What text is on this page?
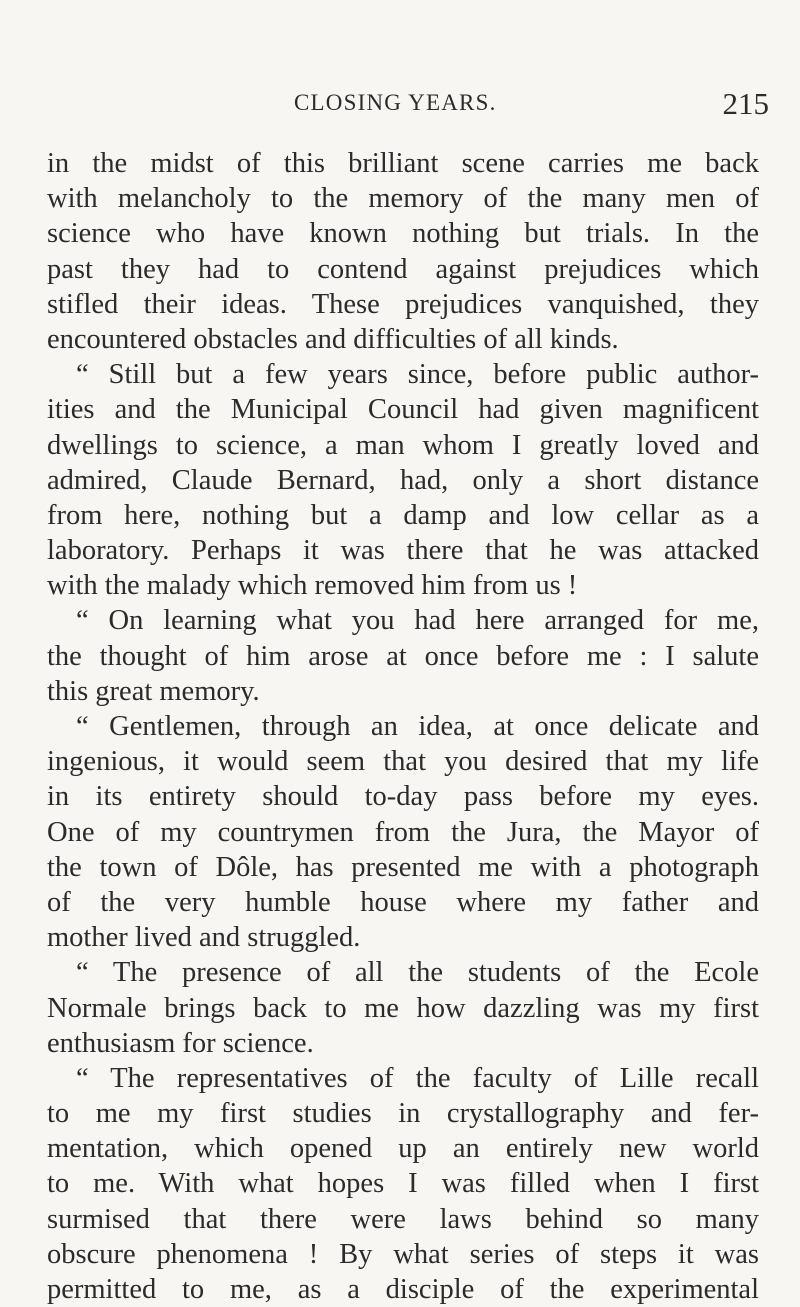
CLOSING YEARS.	215
in the midst of this brilliant scene carries me back
with melancholy to the memory of the many men of
science who have known nothing but trials. In the
past they had to contend against prejudices which
stifled their ideas. These prejudices vanquished, they
encountered obstacles and difficulties of all kinds.
“ Still but a few years since, before public author-
ities and the Municipal Council had given magnificent
dwellings to science, a man whom I greatly loved and
admired, Claude Bernard, had, only a short distance
from here, nothing but a damp and low cellar as a
laboratory. Perhaps it was there that he was attacked
with the malady which removed him from us !
“ On learning what you had here arranged for me,
the thought of him arose at once before me : I salute
this great memory.
“ Gentlemen, through an idea, at once delicate and
ingenious, it would seem that you desired that my life
in its entirety should to-day pass before my eyes.
One of my countrymen from the Jura, the Mayor of
the town of Dôle, has presented me with a photograph
of the very humble house where my father and
mother lived and struggled.
“ The presence of all the students of the Ecole
Normale brings back to me how dazzling was my first
enthusiasm for science.
“ The representatives of the faculty of Lille recall
to me my first studies in crystallography and fer-
mentation, which opened up an entirely new world
to me. With what hopes I was filled when I first
surmised that there were laws behind so many
obscure phenomena ! By what series of steps it was
permitted to me, as a disciple of the experimental
